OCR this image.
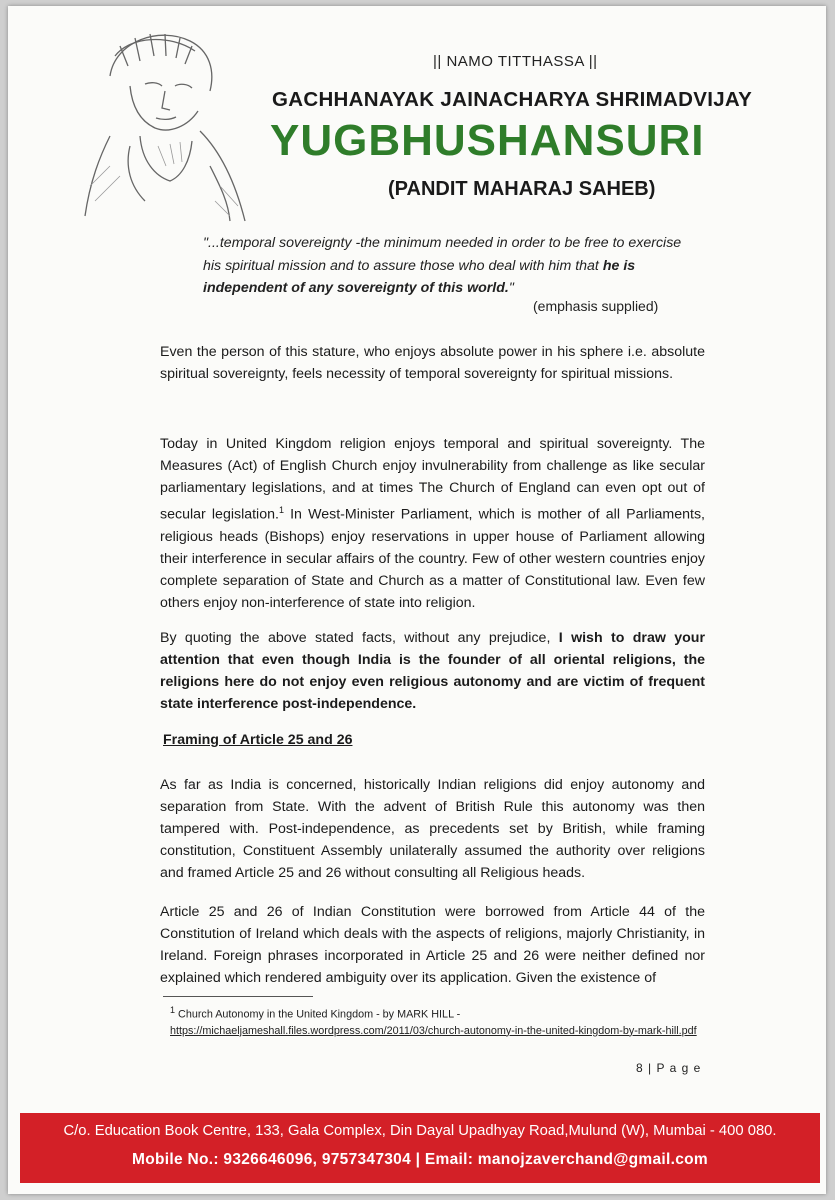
|| NAMO TITTHASSA ||
GACHHANAYAK JAINACHARYA SHRIMADVIJAY
YUGBHUSHANSURI
(PANDIT MAHARAJ SAHEB)
"...temporal sovereignty -the minimum needed in order to be free to exercise
his spiritual mission and to assure those who deal with him that he is
independent of any sovereignty of this world."
(emphasis supplied)
Even the person of this stature, who enjoys absolute power in his sphere i.e. absolute spiritual sovereignty, feels necessity of temporal sovereignty for spiritual missions.
Today in United Kingdom religion enjoys temporal and spiritual sovereignty. The Measures (Act) of English Church enjoy invulnerability from challenge as like secular parliamentary legislations, and at times The Church of England can even opt out of secular legislation.$^1$ In West-Minister Parliament, which is mother of all Parliaments, religious heads (Bishops) enjoy reservations in upper house of Parliament allowing their interference in secular affairs of the country. Few of other western countries enjoy complete separation of State and Church as a matter of Constitutional law. Even few others enjoy non-interference of state into religion.
By quoting the above stated facts, without any prejudice, I wish to draw your attention that even though India is the founder of all oriental religions, the religions here do not enjoy even religious autonomy and are victim of frequent state interference post-independence.
Framing of Article 25 and 26
As far as India is concerned, historically Indian religions did enjoy autonomy and separation from State. With the advent of British Rule this autonomy was then tampered with. Post-independence, as precedents set by British, while framing constitution, Constituent Assembly unilaterally assumed the authority over religions and framed Article 25 and 26 without consulting all Religious heads.
Article 25 and 26 of Indian Constitution were borrowed from Article 44 of the Constitution of Ireland which deals with the aspects of religions, majorly Christianity, in Ireland. Foreign phrases incorporated in Article 25 and 26 were neither defined nor explained which rendered ambiguity over its application. Given the existence of
$^1$ Church Autonomy in the United Kingdom - by MARK HILL -
https://michaeljameshall.files.wordpress.com/2011/03/church-autonomy-in-the-united-kingdom-by-mark-hill.pdf
8 | P a g e
C/o. Education Book Centre, 133, Gala Complex, Din Dayal Upadhyay Road,Mulund (W), Mumbai - 400 080.
Mobile No.: 9326646096, 9757347304 | Email: manojzaverchand@gmail.com
